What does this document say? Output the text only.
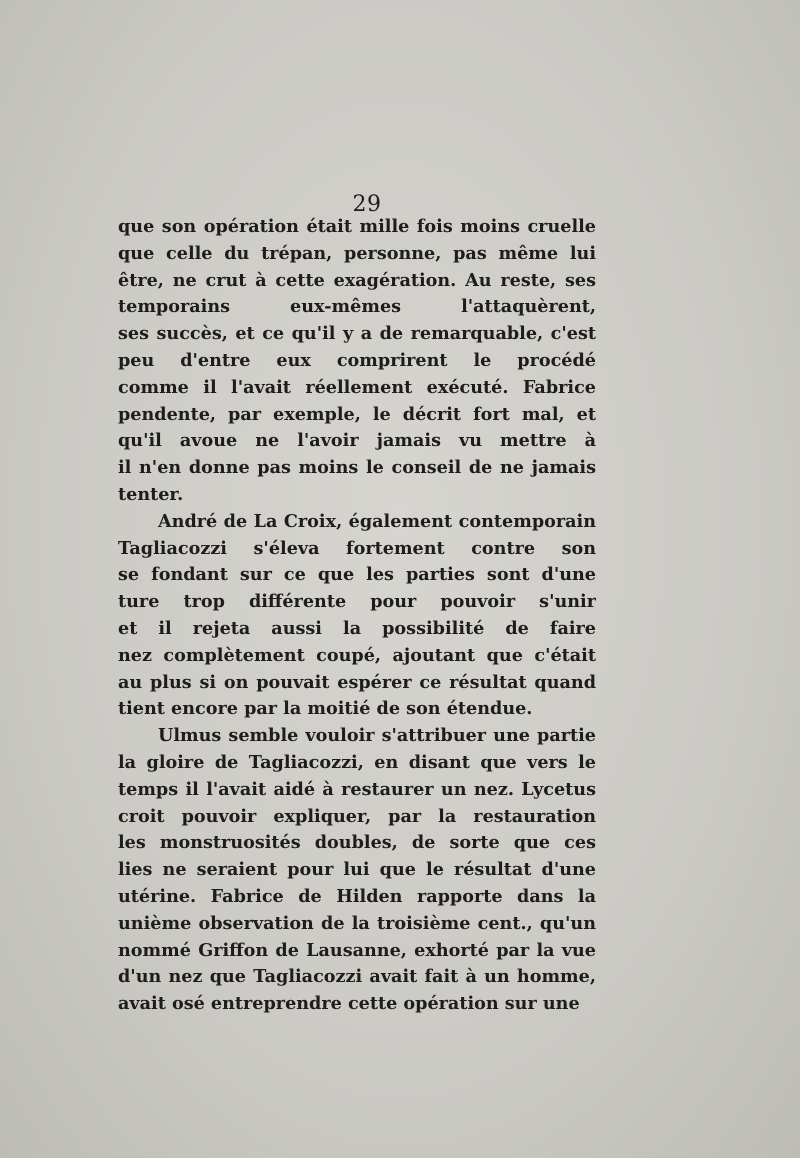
29
que son opération était mille fois moins cruelle
que celle du trépan, personne, pas même lui
être, ne crut à cette exagération. Au reste, ses
temporains eux-mêmes l'attaquèrent,
ses succès, et ce qu'il y a de remarquable, c'est
peu d'entre eux comprirent le procédé
comme il l'avait réellement exécuté. Fabrice
pendente, par exemple, le décrit fort mal, et
qu'il avoue ne l'avoir jamais vu mettre à
il n'en donne pas moins le conseil de ne jamais
tenter.
André de La Croix, également contemporain
Tagliacozzi s'éleva fortement contre son
se fondant sur ce que les parties sont d'une
ture trop différente pour pouvoir s'unir
et il rejeta aussi la possibilité de faire
nez complètement coupé, ajoutant que c'était
au plus si on pouvait espérer ce résultat quand
tient encore par la moitié de son étendue.
Ulmus semble vouloir s'attribuer une partie
la gloire de Tagliacozzi, en disant que vers le
temps il l'avait aidé à restaurer un nez. Lycetus
croit pouvoir expliquer, par la restauration
les monstruosités doubles, de sorte que ces
lies ne seraient pour lui que le résultat d'une
utérine. Fabrice de Hilden rapporte dans la
unième observation de la troisième cent., qu'un
nommé Griffon de Lausanne, exhorté par la vue
d'un nez que Tagliacozzi avait fait à un homme,
avait osé entreprendre cette opération sur une
